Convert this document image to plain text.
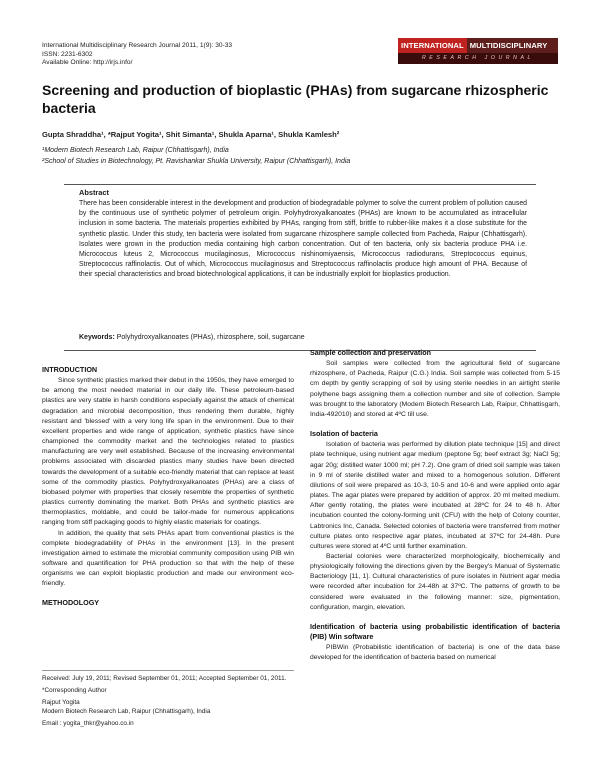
International Multidisciplinary Research Journal 2011, 1(9): 30-33
ISSN: 2231-6302
Available Online: http://irjs.info/
INTERNATIONAL MULTIDISCIPLINARY
RESEARCH JOURNAL
Screening and production of bioplastic (PHAs) from sugarcane rhizospheric bacteria
Gupta Shraddha¹, *Rajput Yogita¹, Shit Simanta¹, Shukla Aparna¹, Shukla Kamlesh²
¹Modern Biotech Research Lab, Raipur (Chhattisgarh), India
²School of Studies in Biotechnology, Pt. Ravishankar Shukla University, Raipur (Chhattisgarh), India
Abstract
There has been considerable interest in the development and production of biodegradable polymer to solve the current problem of pollution caused by the continuous use of synthetic polymer of petroleum origin. Polyhydroxyalkanoates (PHAs) are known to be accumulated as intracellular inclusion in some bacteria. The materials properties exhibited by PHAs, ranging from stiff, brittle to rubber-like makes it a close substitute for the synthetic plastic. Under this study, ten bacteria were isolated from sugarcane rhizosphere sample collected from Pacheda, Raipur (Chhattisgarh). Isolates were grown in the production media containing high carbon concentration. Out of ten bacteria, only six bacteria produce PHA i.e. Micrococcus luteus 2, Micrococcus mucilaginosus, Micrococcus nishinomiyaensis, Micrococcus radiodurans, Streptococcus equinus, Streptococcus raffinolactis. Out of which, Micrococcus mucilaginosus and Streptococcus raffinolactis produce high amount of PHA. Because of their special characteristics and broad biotechnological applications, it can be industrially exploit for bioplastics production.
Keywords: Polyhydroxyalkanoates (PHAs), rhizosphere, soil, sugarcane
INTRODUCTION

Since synthetic plastics marked their debut in the 1950s, they have emerged to be among the most needed material in our daily life. These petroleum-based plastics are very stable in harsh conditions especially against the attack of chemical degradation and microbial decomposition, thus rendering them durable, highly resistant and 'blessed' with a very long life span in the environment. Due to their excellent properties and wide range of application, synthetic plastics have since championed the commodity market and the technologies related to plastics manufacturing are very well established. Because of the increasing environmental problems associated with discarded plastics many studies have been directed towards the development of a suitable eco-friendly material that can replace at least some of the commodity plastics. Polyhydroxyalkanoates (PHAs) are a class of biobased polymer with properties that closely resemble the properties of synthetic plastics currently dominating the market. Both PHAs and synthetic plastics are thermoplastics, moldable, and could be tailor-made for numerous applications ranging from stiff packaging goods to highly elastic materials for coatings.

In addition, the quality that sets PHAs apart from conventional plastics is the complete biodegradability of PHAs in the environment [13]. In the present investigation aimed to estimate the microbial community composition using PIB win software and quantification for PHA production so that with the help of these organisms we can exploit bioplastic production and made our environment eco-friendly.

METHODOLOGY
Received: July 19, 2011; Revised September 01, 2011; Accepted September 01, 2011.
*Corresponding Author
Rajput Yogita
Modern Biotech Research Lab, Raipur (Chhattisgarh), India
Email : yogita_thkr@yahoo.co.in
Sample collection and preservation

Soil samples were collected from the agricultural field of sugarcane rhizosphere, of Pacheda, Raipur (C.G.) India. Soil sample was collected from 5-15 cm depth by gently scrapping of soil by using sterile needles in an airtight sterile polythene bags assigning them a collection number and site of collection. Sample was brought to the laboratory (Modern Biotech Research Lab, Raipur, Chhattisgarh, India-492010) and stored at 4ºC till use.

Isolation of bacteria

Isolation of bacteria was performed by dilution plate technique [15] and direct plate technique, using nutrient agar medium (peptone 5g; beef extract 3g; NaCl 5g; agar 20g; distilled water 1000 ml; pH 7.2). One gram of dried soil sample was taken in 9 ml of sterile distilled water and mixed to a homogenous solution. Different dilutions of soil were prepared as 10-3, 10-5 and 10-6 and were applied onto agar plates. The agar plates were prepared by addition of approx. 20 ml melted medium. After gently rotating, the plates were incubated at 28ºC for 24 to 48 h. After incubation counted the colony-forming unit (CFU) with the help of Colony counter, Labtronics Inc, Canada. Selected colonies of bacteria were transferred from mother culture plates onto respective agar plates, incubated at 37ºC for 24-48h. Pure cultures were stored at 4ºC until further examination.

Bacterial colonies were characterized morphologically, biochemically and physiologically following the directions given by the Bergey's Manual of Systematic Bacteriology [11, 1]. Cultural characteristics of pure isolates in Nutrient agar media were recorded after incubation for 24-48h at 37ºC. The patterns of growth to be considered were evaluated in the following manner: size, pigmentation, configuration, margin, elevation.

Identification of bacteria using probabilistic identification of bacteria (PIB) Win software

PIBWin (Probabilistic identification of bacteria) is one of the data base developed for the identification of bacteria based on numerical
